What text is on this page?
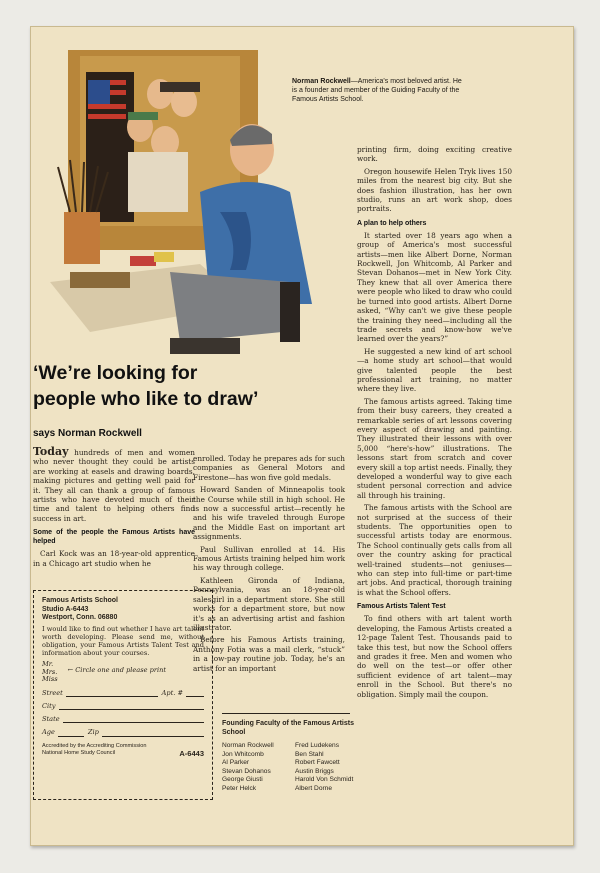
Norman Rockwell—America's most beloved artist. He is a founder and member of the Guiding Faculty of the Famous Artists School.
‘We’re looking for
people who like to draw’
says Norman Rockwell

Today hundreds of men and women who never thought they could be artists are working at easels and drawing boards, making pictures and getting well paid for it. They all can thank a group of famous artists who have devoted much of their time and talent to helping others find success in art.

Some of the people the Famous Artists have helped

Carl Kock was an 18-year-old apprentice in a Chicago art studio when he

Famous Artists School
Studio A-6443
Westport, Conn. 06880
I would like to find out whether I have art talent worth developing. Please send me, without obligation, your Famous Artists Talent Test and information about your courses.
Mr.
Mrs.
Miss
← Circle one and please print
Street	Apt. #
City
State
Age	Zip
Accredited by the Accrediting Commission National Home Study Council	A-6443

enrolled. Today he prepares ads for such companies as General Motors and Firestone—has won five gold medals.

Howard Sanden of Minneapolis took the Course while still in high school. He is now a successful artist—recently he and his wife traveled through Europe and the Middle East on important art assignments.

Paul Sullivan enrolled at 14. His Famous Artists training helped him work his way through college.

Kathleen Gironda of Indiana, Pennsylvania, was an 18-year-old salesgirl in a department store. She still works for a department store, but now it's as an advertising artist and fashion illustrator.

Before his Famous Artists training, Anthony Fotia was a mail clerk, “stuck” in a low-pay routine job. Today, he's an artist for an important

Founding Faculty of the Famous Artists School
Norman Rockwell	Fred Ludekens
Jon Whitcomb	Ben Stahl
Al Parker	Robert Fawcett
Stevan Dohanos	Austin Briggs
George Giusti	Harold Von Schmidt
Peter Helck	Albert Dorne

printing firm, doing exciting creative work.

Oregon housewife Helen Tryk lives 150 miles from the nearest big city. But she does fashion illustration, has her own studio, runs an art work shop, does portraits.

A plan to help others

It started over 18 years ago when a group of America's most successful artists—men like Albert Dorne, Norman Rockwell, Jon Whitcomb, Al Parker and Stevan Dohanos—met in New York City. They knew that all over America there were people who liked to draw who could be turned into good artists. Albert Dorne asked, “Why can't we give these people the training they need—including all the trade secrets and know-how we've learned over the years?”

He suggested a new kind of art school—a home study art school—that would give talented people the best professional art training, no matter where they live.

The famous artists agreed. Taking time from their busy careers, they created a remarkable series of art lessons covering every aspect of drawing and painting. They illustrated their lessons with over 5,000 “here's-how” illustrations. The lessons start from scratch and cover every skill a top artist needs. Finally, they developed a wonderful way to give each student personal correction and advice all through his training.

The famous artists with the School are not surprised at the success of their students. The opportunities open to successful artists today are enormous. The School continually gets calls from all over the country asking for practical well-trained students—not geniuses—who can step into full-time or part-time art jobs. And practical, thorough training is what the School offers.

Famous Artists Talent Test

To find others with art talent worth developing, the Famous Artists created a 12-page Talent Test. Thousands paid to take this test, but now the School offers and grades it free. Men and women who do well on the test—or offer other sufficient evidence of art talent—may enroll in the School. But there's no obligation. Simply mail the coupon.
